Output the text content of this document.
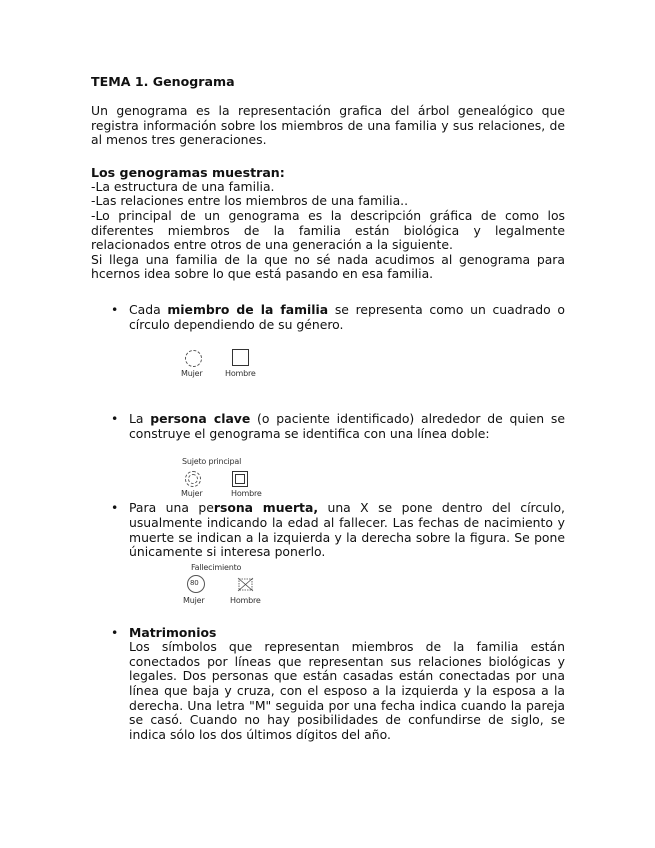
TEMA 1. Genograma

Un genograma es la representación grafica del árbol genealógico que registra información sobre los miembros de una familia y sus relaciones, de al menos tres generaciones.

Los genogramas muestran:

-La estructura de una familia.

-Las relaciones entre los miembros de una familia..

-Lo principal de un genograma es la descripción gráfica de como los diferentes miembros de la familia están biológica y legalmente relacionados entre otros de una generación a la siguiente.

Si llega una familia de la que no sé nada acudimos al genograma para hcernos idea sobre lo que está pasando en esa familia.

• Cada miembro de la familia se representa como un cuadrado o círculo dependiendo de su género.
Mujer	Hombre
• La persona clave (o paciente identificado) alrededor de quien se construye el genograma se identifica con una línea doble:
Sujeto principal
Mujer	Hombre
• Para una persona muerta, una X se pone dentro del círculo, usualmente indicando la edad al fallecer. Las fechas de nacimiento y muerte se indican a la izquierda y la derecha sobre la figura. Se pone únicamente si interesa ponerlo.
Fallecimiento
80
Mujer	Hombre
• Matrimonios
Los símbolos que representan miembros de la familia están conectados por líneas que representan sus relaciones biológicas y legales. Dos personas que están casadas están conectadas por una línea que baja y cruza, con el esposo a la izquierda y la esposa a la derecha. Una letra "M" seguida por una fecha indica cuando la pareja se casó. Cuando no hay posibilidades de confundirse de siglo, se indica sólo los dos últimos dígitos del año.
